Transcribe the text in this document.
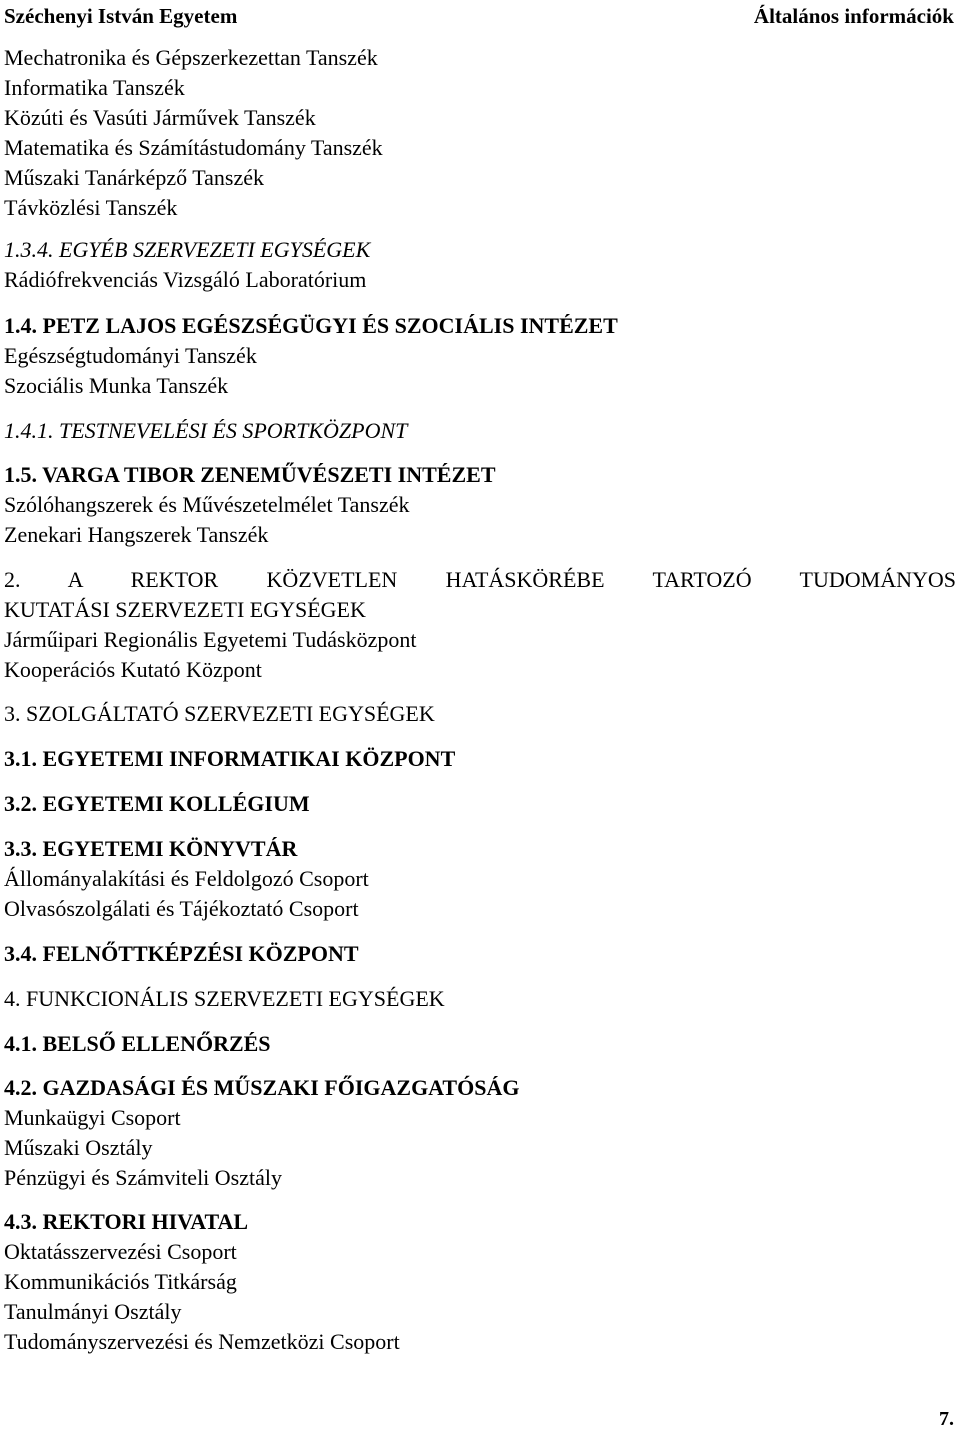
Széchenyi István Egyetem	Általános információk
Mechatronika és Gépszerkezettan Tanszék
Informatika Tanszék
Közúti és Vasúti Járművek Tanszék
Matematika és Számítástudomány Tanszék
Műszaki Tanárképző Tanszék
Távközlési Tanszék
1.3.4. EGYÉB SZERVEZETI EGYSÉGEK
Rádiófrekvenciás Vizsgáló Laboratórium
1.4. PETZ LAJOS EGÉSZSÉGÜGYI ÉS SZOCIÁLIS INTÉZET
Egészségtudományi Tanszék
Szociális Munka Tanszék
1.4.1. TESTNEVELÉSI ÉS SPORTKÖZPONT
1.5. VARGA TIBOR ZENEMŰVÉSZETI INTÉZET
Szólóhangszerek és Művészetelmélet Tanszék
Zenekari Hangszerek Tanszék
2. A REKTOR KÖZVETLEN HATÁSKÖRÉBE TARTOZÓ TUDOMÁNYOS
KUTATÁSI SZERVEZETI EGYSÉGEK
Járműipari Regionális Egyetemi Tudásközpont
Kooperációs Kutató Központ
3. SZOLGÁLTATÓ SZERVEZETI EGYSÉGEK
3.1. EGYETEMI INFORMATIKAI KÖZPONT
3.2. EGYETEMI KOLLÉGIUM
3.3. EGYETEMI KÖNYVTÁR
Állományalakítási és Feldolgozó Csoport
Olvasószolgálati és Tájékoztató Csoport
3.4. FELNŐTTKÉPZÉSI KÖZPONT
4. FUNKCIONÁLIS SZERVEZETI EGYSÉGEK
4.1. BELSŐ ELLENŐRZÉS
4.2. GAZDASÁGI ÉS MŰSZAKI FŐIGAZGATÓSÁG
Munkaügyi Csoport
Műszaki Osztály
Pénzügyi és Számviteli Osztály
4.3. REKTORI HIVATAL
Oktatásszervezési Csoport
Kommunikációs Titkárság
Tanulmányi Osztály
Tudományszervezési és Nemzetközi Csoport
7.
